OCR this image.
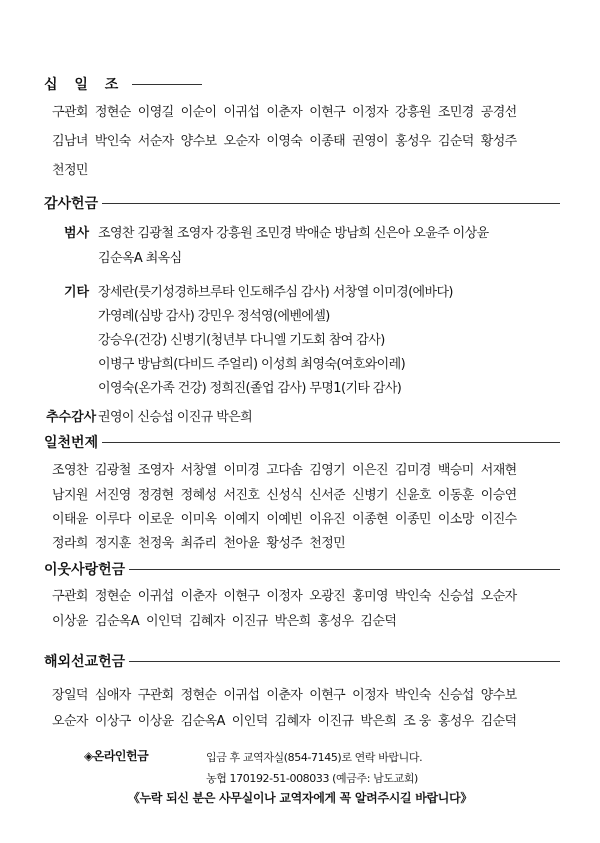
십 일 조
구관회 정현순 이영길 이순이 이귀섭 이춘자 이현구 이정자 강흥원 조민경 공경선
김남녀 박인숙 서순자 양수보 오순자 이영숙 이종태 권영이 홍성우 김순덕 황성주
천정민
감사헌금
범사 조영찬 김광철 조영자 강흥원 조민경 박애순 방남희 신은아 오윤주 이상윤
김순옥A 최옥심
기타 장세란(룻기성경하브루타 인도해주심 감사) 서창열 이미경(에바다)
가영례(심방 감사) 강민우 정석영(에벤에셀)
강승우(건강) 신병기(청년부 다니엘 기도회 참여 감사)
이병구 방남희(다비드 주얼리) 이성희 최영숙(여호와이레)
이영숙(온가족 건강) 정희진(졸업 감사) 무명1(기타 감사)
추수감사 권영이 신승섭 이진규 박은희
일천번제
조영찬 김광철 조영자 서창열 이미경 고다솜 김영기 이은진 김미경 백승미 서재현
남지원 서진영 정경현 정혜성 서진호 신성식 신서준 신병기 신윤호 이동훈 이승연
이태윤 이루다 이로운 이미옥 이예지 이예빈 이유진 이종현 이종민 이소망 이진수
정라희 정지훈 천정욱 최쥬리 천아윤 황성주 천정민
이웃사랑헌금
구관회 정현순 이귀섭 이춘자 이현구 이정자 오광진 홍미영 박인숙 신승섭 오순자
이상윤 김순옥A 이인덕 김혜자 이진규 박은희 홍성우 김순덕
해외선교헌금
장일덕 심애자 구관회 정현순 이귀섭 이춘자 이현구 이정자 박인숙 신승섭 양수보
오순자 이상구 이상윤 김순옥A 이인덕 김혜자 이진규 박은희 조 웅 홍성우 김순덕
◈온라인헌금	입금 후 교역자실(854-7145)로 연락 바랍니다.
농협 170192-51-008033 (예금주: 남도교회)
《누락 되신 분은 사무실이나 교역자에게 꼭 알려주시길 바랍니다》
